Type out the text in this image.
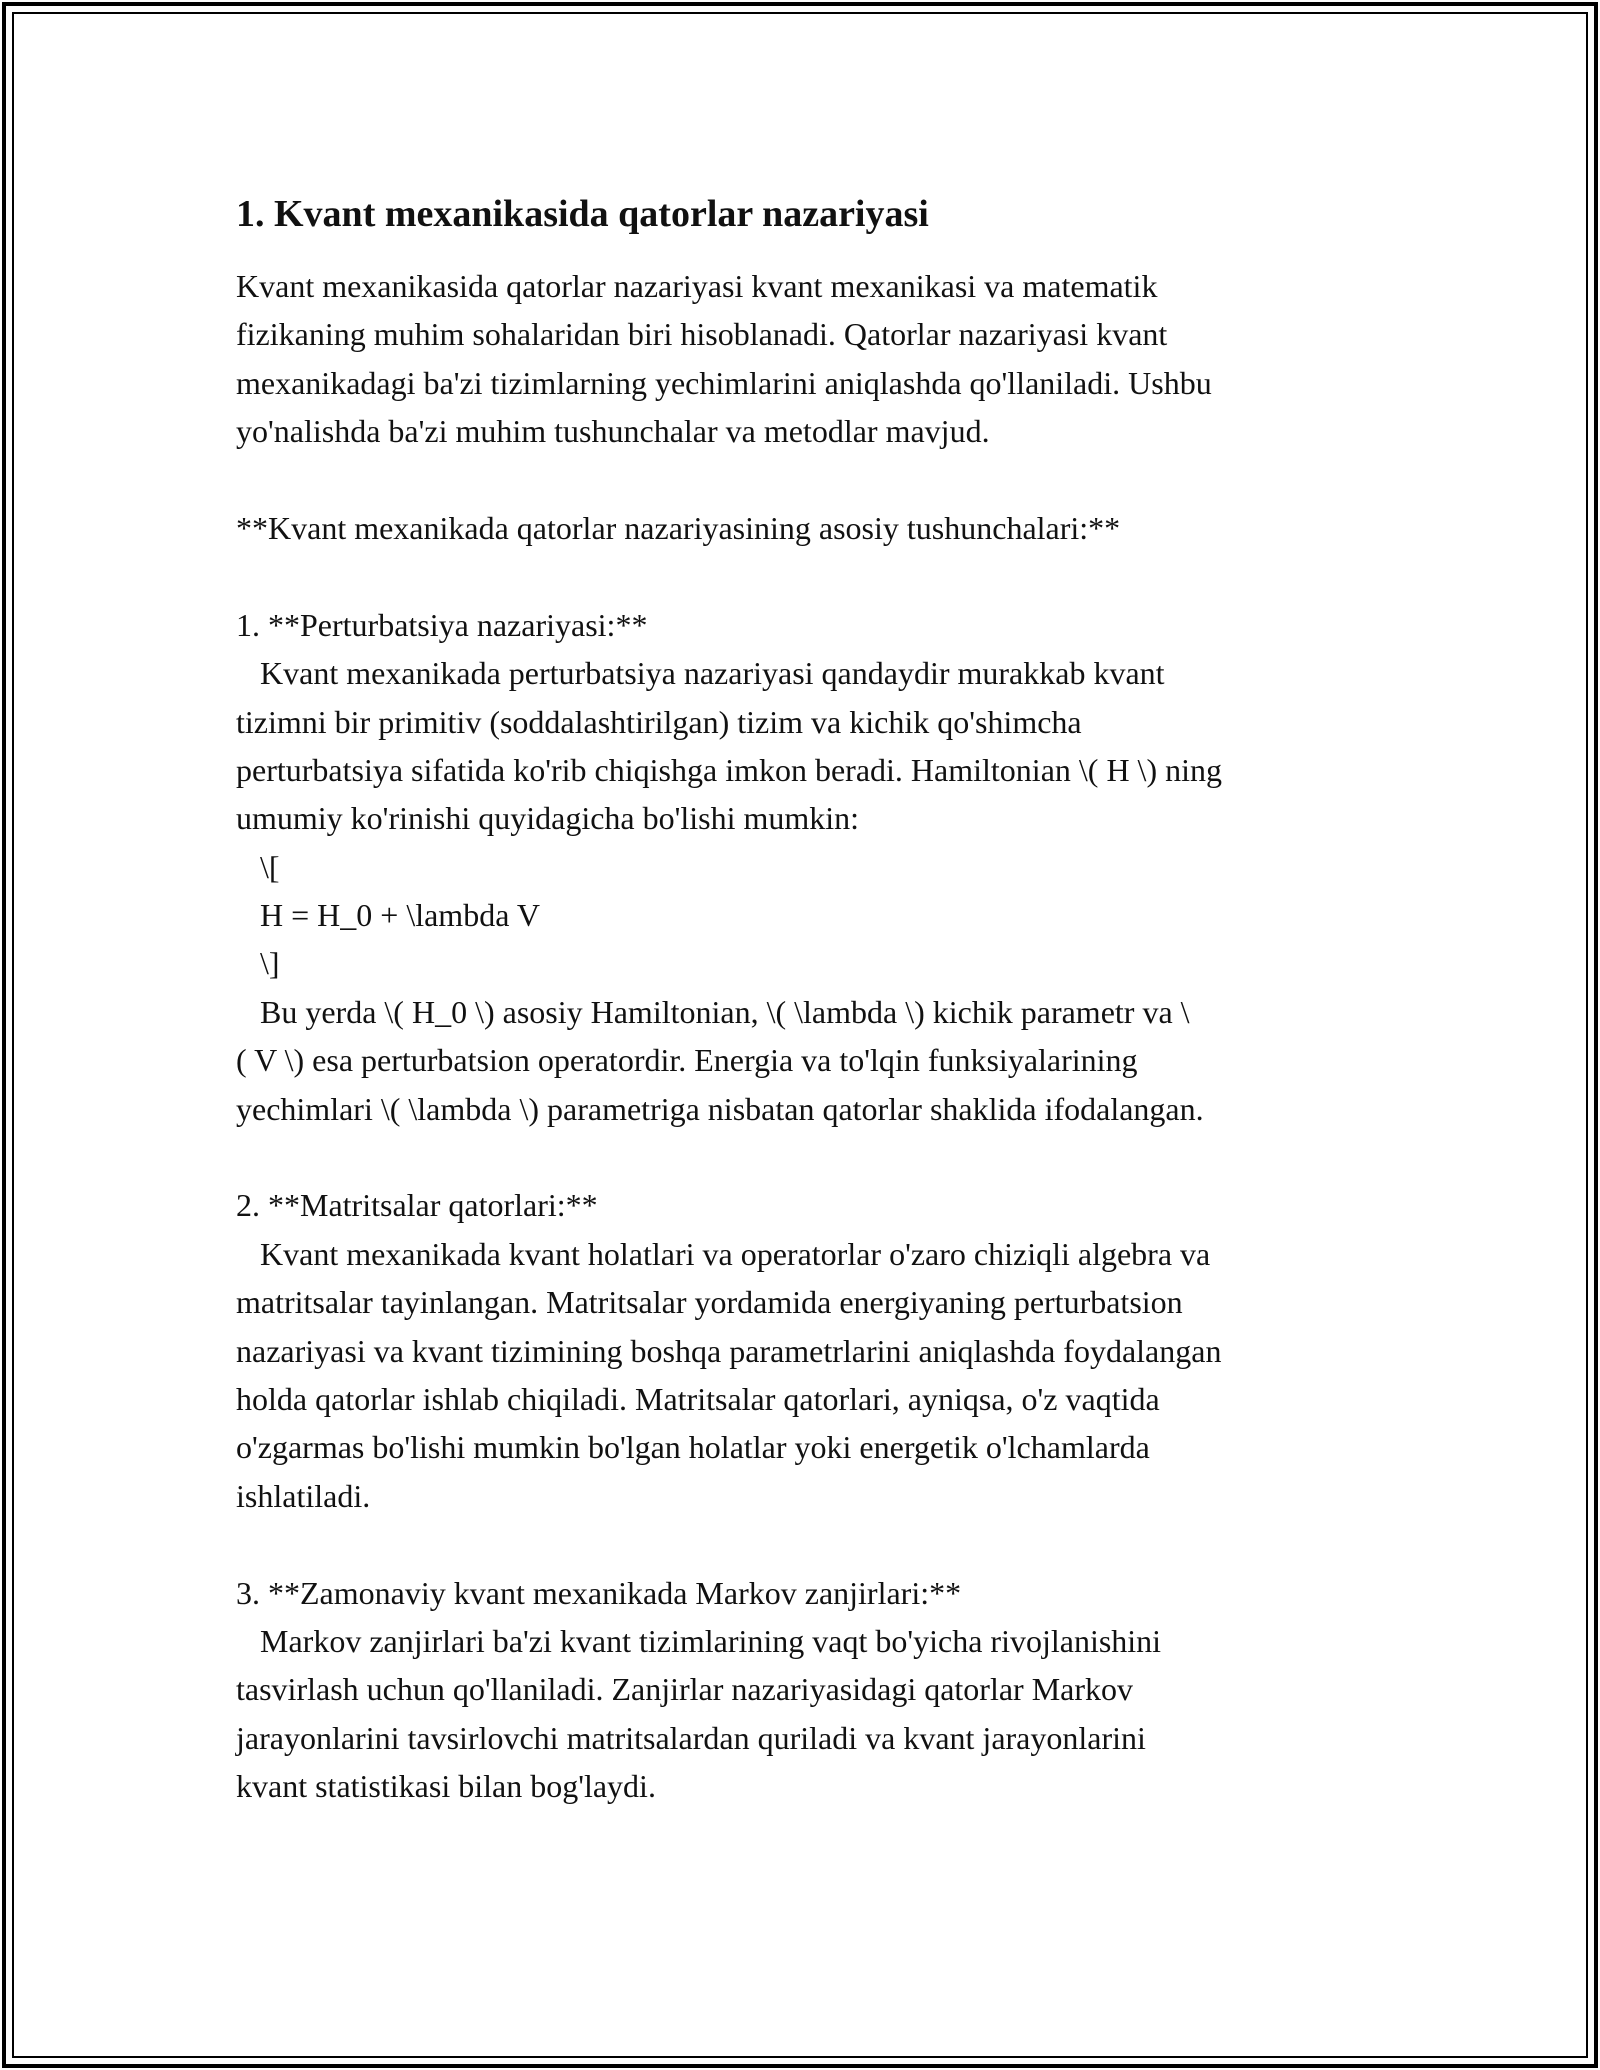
1. Kvant mexanikasida qatorlar nazariyasi
Kvant mexanikasida qatorlar nazariyasi kvant mexanikasi va matematik
fizikaning muhim sohalaridan biri hisoblanadi. Qatorlar nazariyasi kvant
mexanikadagi ba'zi tizimlarning yechimlarini aniqlashda qo'llaniladi. Ushbu
yo'nalishda ba'zi muhim tushunchalar va metodlar mavjud.
**Kvant mexanikada qatorlar nazariyasining asosiy tushunchalari:**
1. **Perturbatsiya nazariyasi:**
Kvant mexanikada perturbatsiya nazariyasi qandaydir murakkab kvant
tizimni bir primitiv (soddalashtirilgan) tizim va kichik qo'shimcha
perturbatsiya sifatida ko'rib chiqishga imkon beradi. Hamiltonian \( H \) ning
umumiy ko'rinishi quyidagicha bo'lishi mumkin:
\[
H = H_0 + \lambda V
\]
Bu yerda \( H_0 \) asosiy Hamiltonian, \( \lambda \) kichik parametr va \
( V \) esa perturbatsion operatordir. Energia va to'lqin funksiyalarining
yechimlari \( \lambda \) parametriga nisbatan qatorlar shaklida ifodalangan.
2. **Matritsalar qatorlari:**
Kvant mexanikada kvant holatlari va operatorlar o'zaro chiziqli algebra va
matritsalar tayinlangan. Matritsalar yordamida energiyaning perturbatsion
nazariyasi va kvant tizimining boshqa parametrlarini aniqlashda foydalangan
holda qatorlar ishlab chiqiladi. Matritsalar qatorlari, ayniqsa, o'z vaqtida
o'zgarmas bo'lishi mumkin bo'lgan holatlar yoki energetik o'lchamlarda
ishlatiladi.
3. **Zamonaviy kvant mexanikada Markov zanjirlari:**
Markov zanjirlari ba'zi kvant tizimlarining vaqt bo'yicha rivojlanishini
tasvirlash uchun qo'llaniladi. Zanjirlar nazariyasidagi qatorlar Markov
jarayonlarini tavsirlovchi matritsalardan quriladi va kvant jarayonlarini
kvant statistikasi bilan bog'laydi.
